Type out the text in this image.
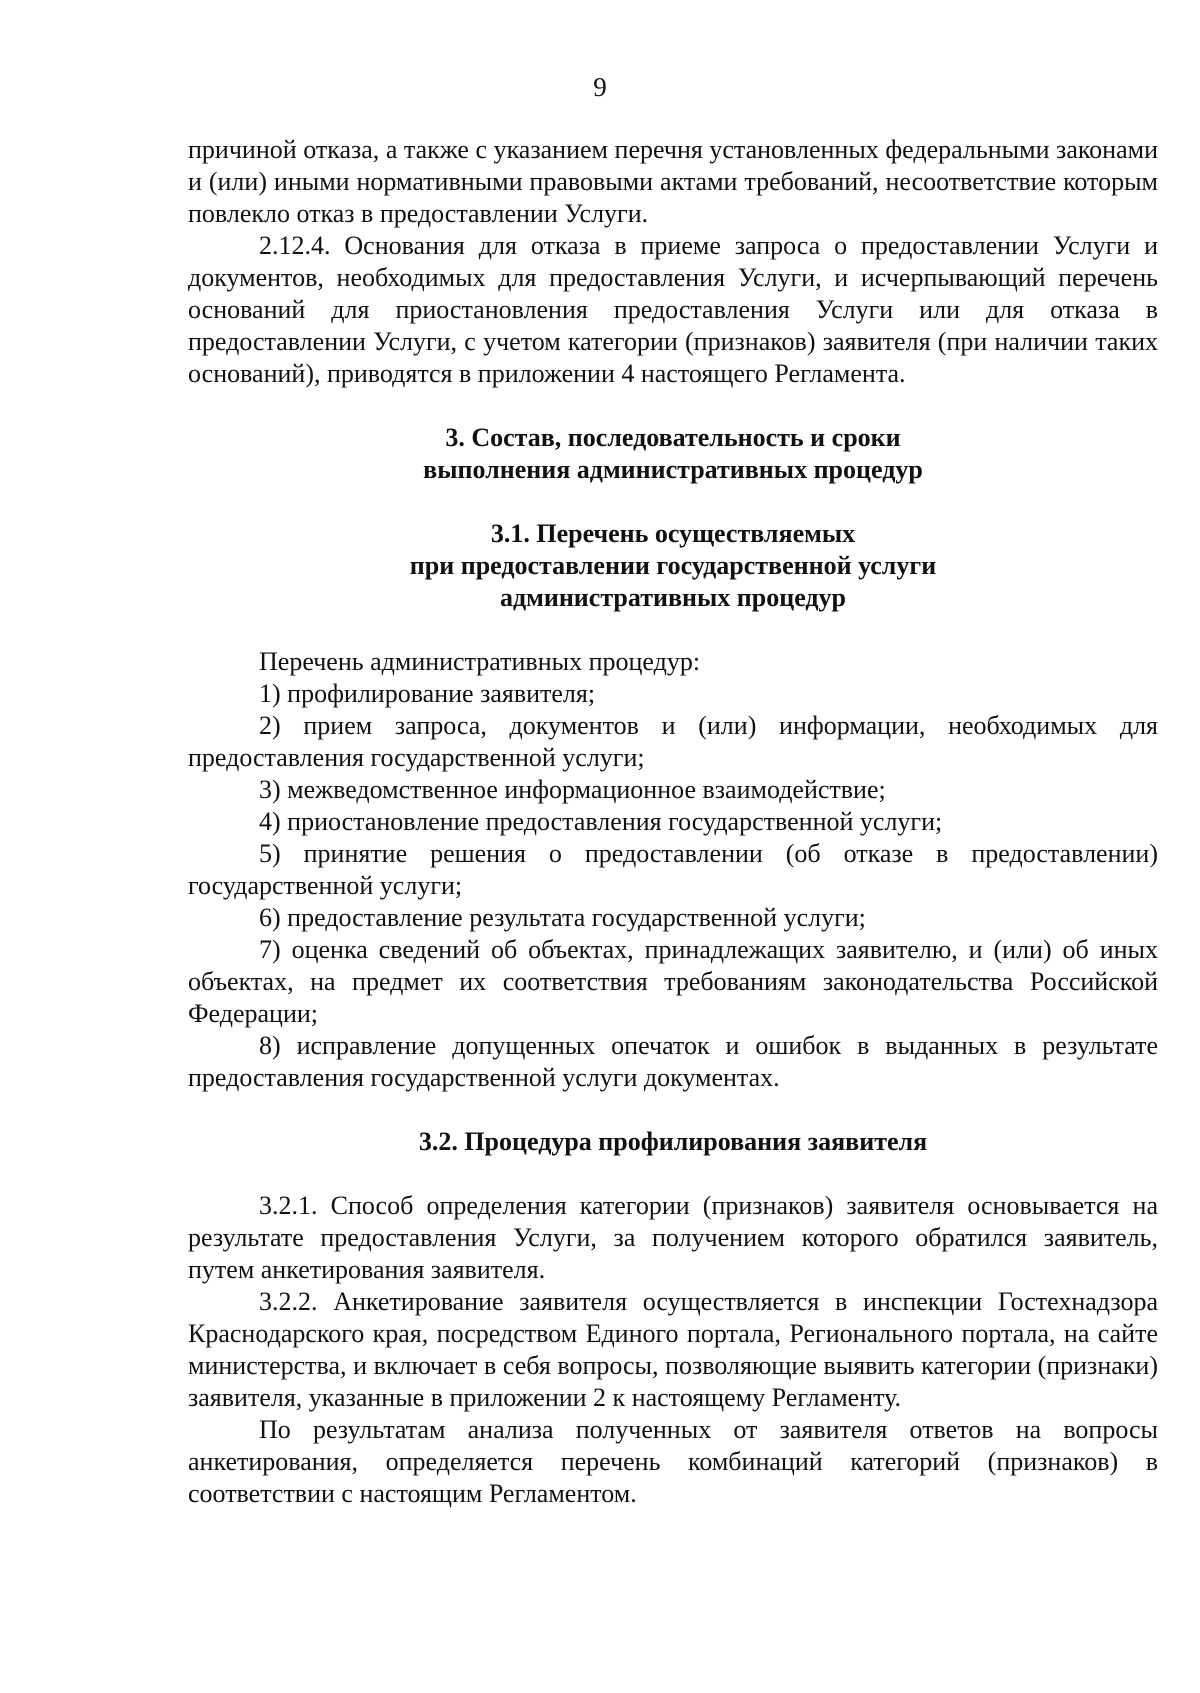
9

причиной отказа, а также с указанием перечня установленных федеральными законами и (или) иными нормативными правовыми актами требований, несоответствие которым повлекло отказ в предоставлении Услуги.

2.12.4. Основания для отказа в приеме запроса о предоставлении Услуги и документов, необходимых для предоставления Услуги, и исчерпывающий перечень оснований для приостановления предоставления Услуги или для отказа в предоставлении Услуги, с учетом категории (признаков) заявителя (при наличии таких оснований), приводятся в приложении 4 настоящего Регламента.

3. Состав, последовательность и сроки

выполнения административных процедур

3.1. Перечень осуществляемых

при предоставлении государственной услуги

административных процедур

Перечень административных процедур:

1) профилирование заявителя;

2) прием запроса, документов и (или) информации, необходимых для предоставления государственной услуги;

3) межведомственное информационное взаимодействие;

4) приостановление предоставления государственной услуги;

5) принятие решения о предоставлении (об отказе в предоставлении) государственной услуги;

6) предоставление результата государственной услуги;

7) оценка сведений об объектах, принадлежащих заявителю, и (или) об иных объектах, на предмет их соответствия требованиям законодательства Российской Федерации;

8) исправление допущенных опечаток и ошибок в выданных в результате предоставления государственной услуги документах.

3.2. Процедура профилирования заявителя

3.2.1. Способ определения категории (признаков) заявителя основывается на результате предоставления Услуги, за получением которого обратился заявитель, путем анкетирования заявителя.

3.2.2. Анкетирование заявителя осуществляется в инспекции Гостехнадзора Краснодарского края, посредством Единого портала, Регионального портала, на сайте министерства, и включает в себя вопросы, позволяющие выявить категории (признаки) заявителя, указанные в приложении 2 к настоящему Регламенту.

По результатам анализа полученных от заявителя ответов на вопросы анкетирования, определяется перечень комбинаций категорий (признаков) в соответствии с настоящим Регламентом.
